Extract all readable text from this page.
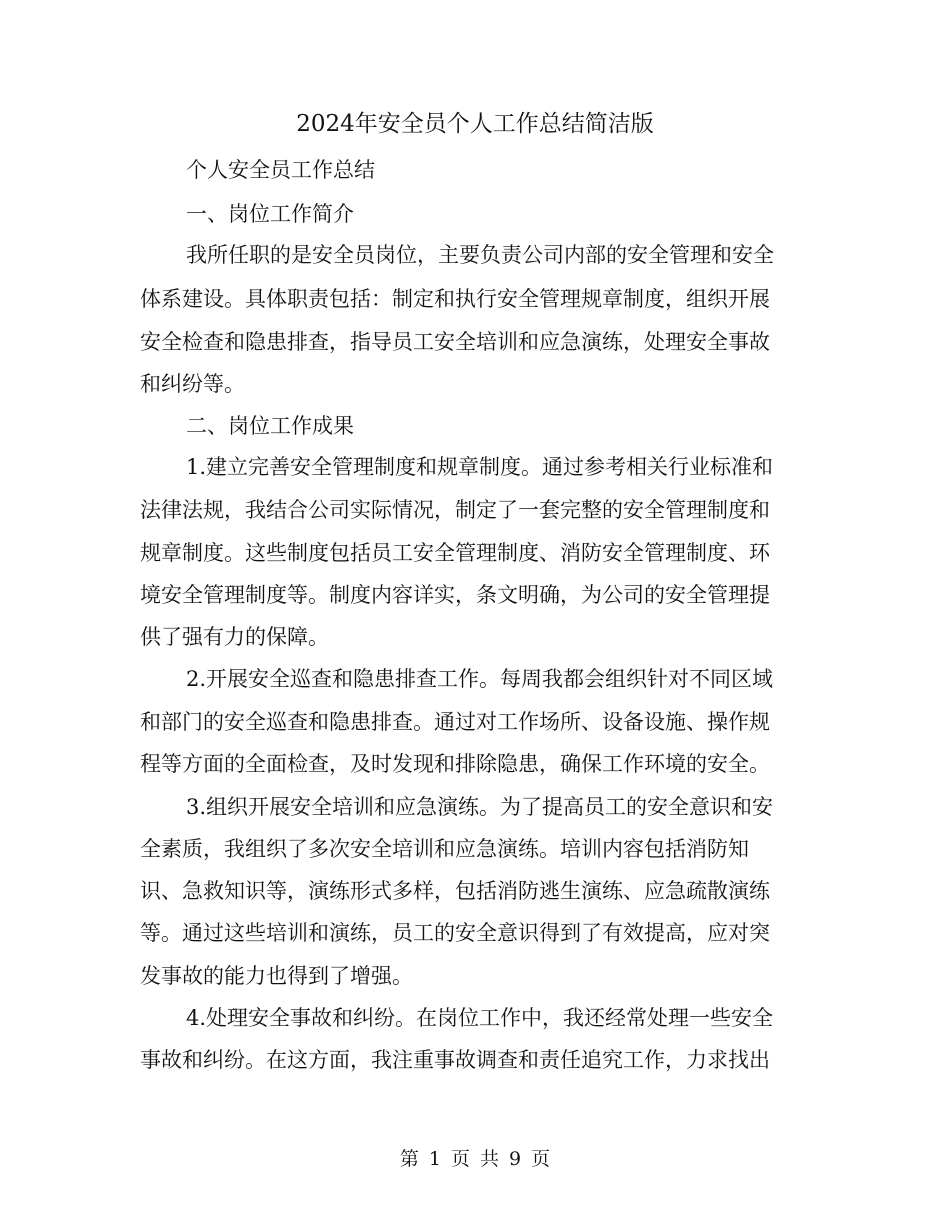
2024年安全员个人工作总结简洁版
个人安全员工作总结
一、岗位工作简介
我所任职的是安全员岗位，主要负责公司内部的安全管理和安全
体系建设。具体职责包括：制定和执行安全管理规章制度，组织开展
安全检查和隐患排查，指导员工安全培训和应急演练，处理安全事故
和纠纷等。
二、岗位工作成果
1.建立完善安全管理制度和规章制度。通过参考相关行业标准和
法律法规，我结合公司实际情况，制定了一套完整的安全管理制度和
规章制度。这些制度包括员工安全管理制度、消防安全管理制度、环
境安全管理制度等。制度内容详实，条文明确，为公司的安全管理提
供了强有力的保障。
2.开展安全巡查和隐患排查工作。每周我都会组织针对不同区域
和部门的安全巡查和隐患排查。通过对工作场所、设备设施、操作规
程等方面的全面检查，及时发现和排除隐患，确保工作环境的安全。
3.组织开展安全培训和应急演练。为了提高员工的安全意识和安
全素质，我组织了多次安全培训和应急演练。培训内容包括消防知
识、急救知识等，演练形式多样，包括消防逃生演练、应急疏散演练
等。通过这些培训和演练，员工的安全意识得到了有效提高，应对突
发事故的能力也得到了增强。
4.处理安全事故和纠纷。在岗位工作中，我还经常处理一些安全
事故和纠纷。在这方面，我注重事故调查和责任追究工作，力求找出
第 1 页 共 9 页
